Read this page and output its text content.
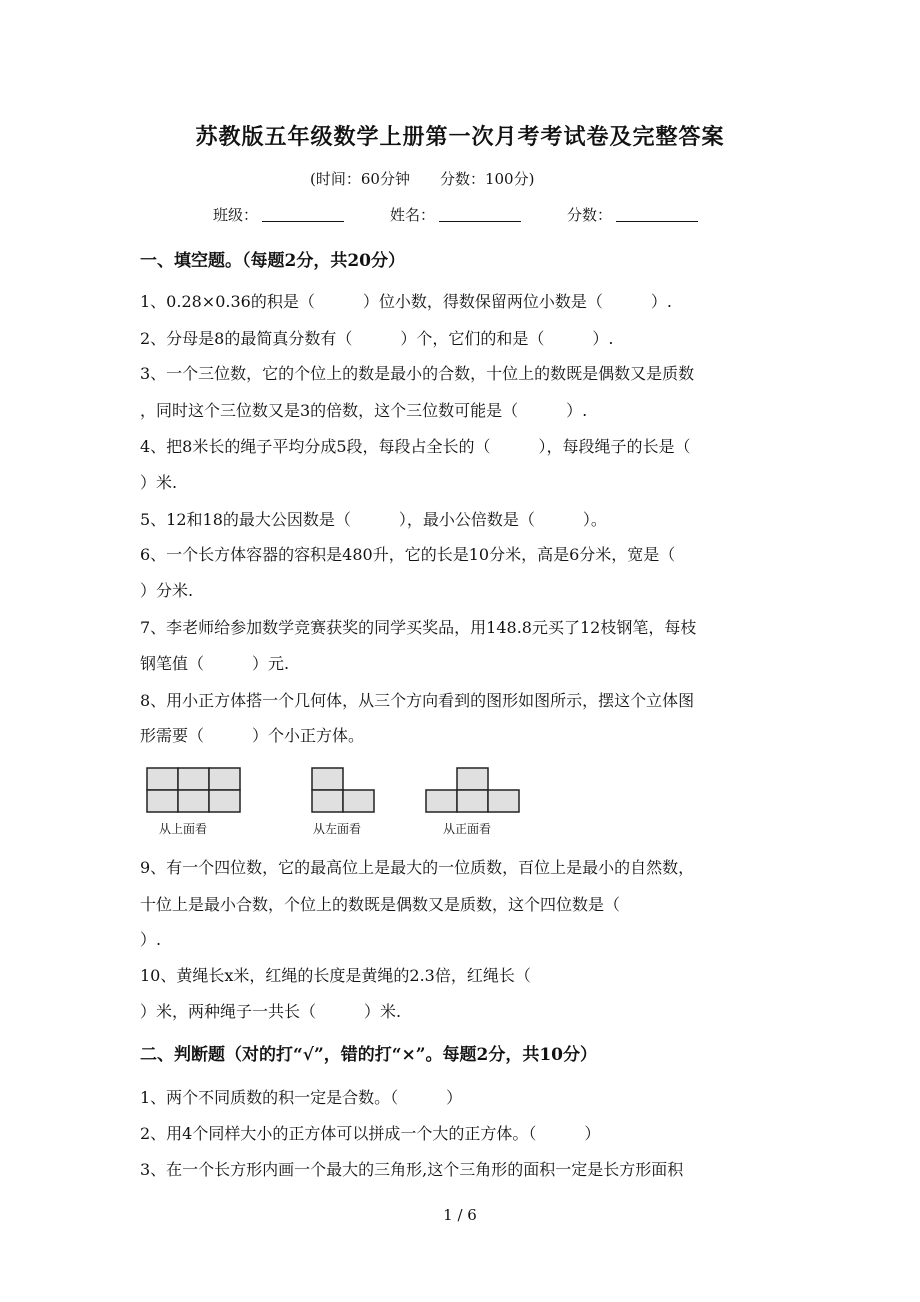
苏教版五年级数学上册第一次月考考试卷及完整答案
(时间：60分钟　　分数：100分)
班级：	姓名：	分数：
一、填空题。（每题2分，共20分）
1、0.28×0.36的积是（　　　）位小数，得数保留两位小数是（　　　）.
2、分母是8的最简真分数有（　　　）个，它们的和是（　　　）.
3、一个三位数，它的个位上的数是最小的合数，十位上的数既是偶数又是质数
，同时这个三位数又是3的倍数，这个三位数可能是（　　　）.
4、把8米长的绳子平均分成5段，每段占全长的（　　　），每段绳子的长是（
）米.
5、12和18的最大公因数是（　　　），最小公倍数是（　　　）。
6、一个长方体容器的容积是480升，它的长是10分米，高是6分米，宽是（
）分米.
7、李老师给参加数学竞赛获奖的同学买奖品，用148.8元买了12枝钢笔，每枝
钢笔值（　　　）元.
8、用小正方体搭一个几何体，从三个方向看到的图形如图所示，摆这个立体图
形需要（　　　）个小正方体。
从上面看	从左面看	从正面看
9、有一个四位数，它的最高位上是最大的一位质数，百位上是最小的自然数，
十位上是最小合数，个位上的数既是偶数又是质数，这个四位数是（
）.
10、黄绳长x米，红绳的长度是黄绳的2.3倍，红绳长（
）米，两种绳子一共长（　　　）米.
二、判断题（对的打“√”，错的打“×”。每题2分，共10分）
1、两个不同质数的积一定是合数。（　　　）
2、用4个同样大小的正方体可以拼成一个大的正方体。（　　　）
3、在一个长方形内画一个最大的三角形,这个三角形的面积一定是长方形面积
1 / 6
